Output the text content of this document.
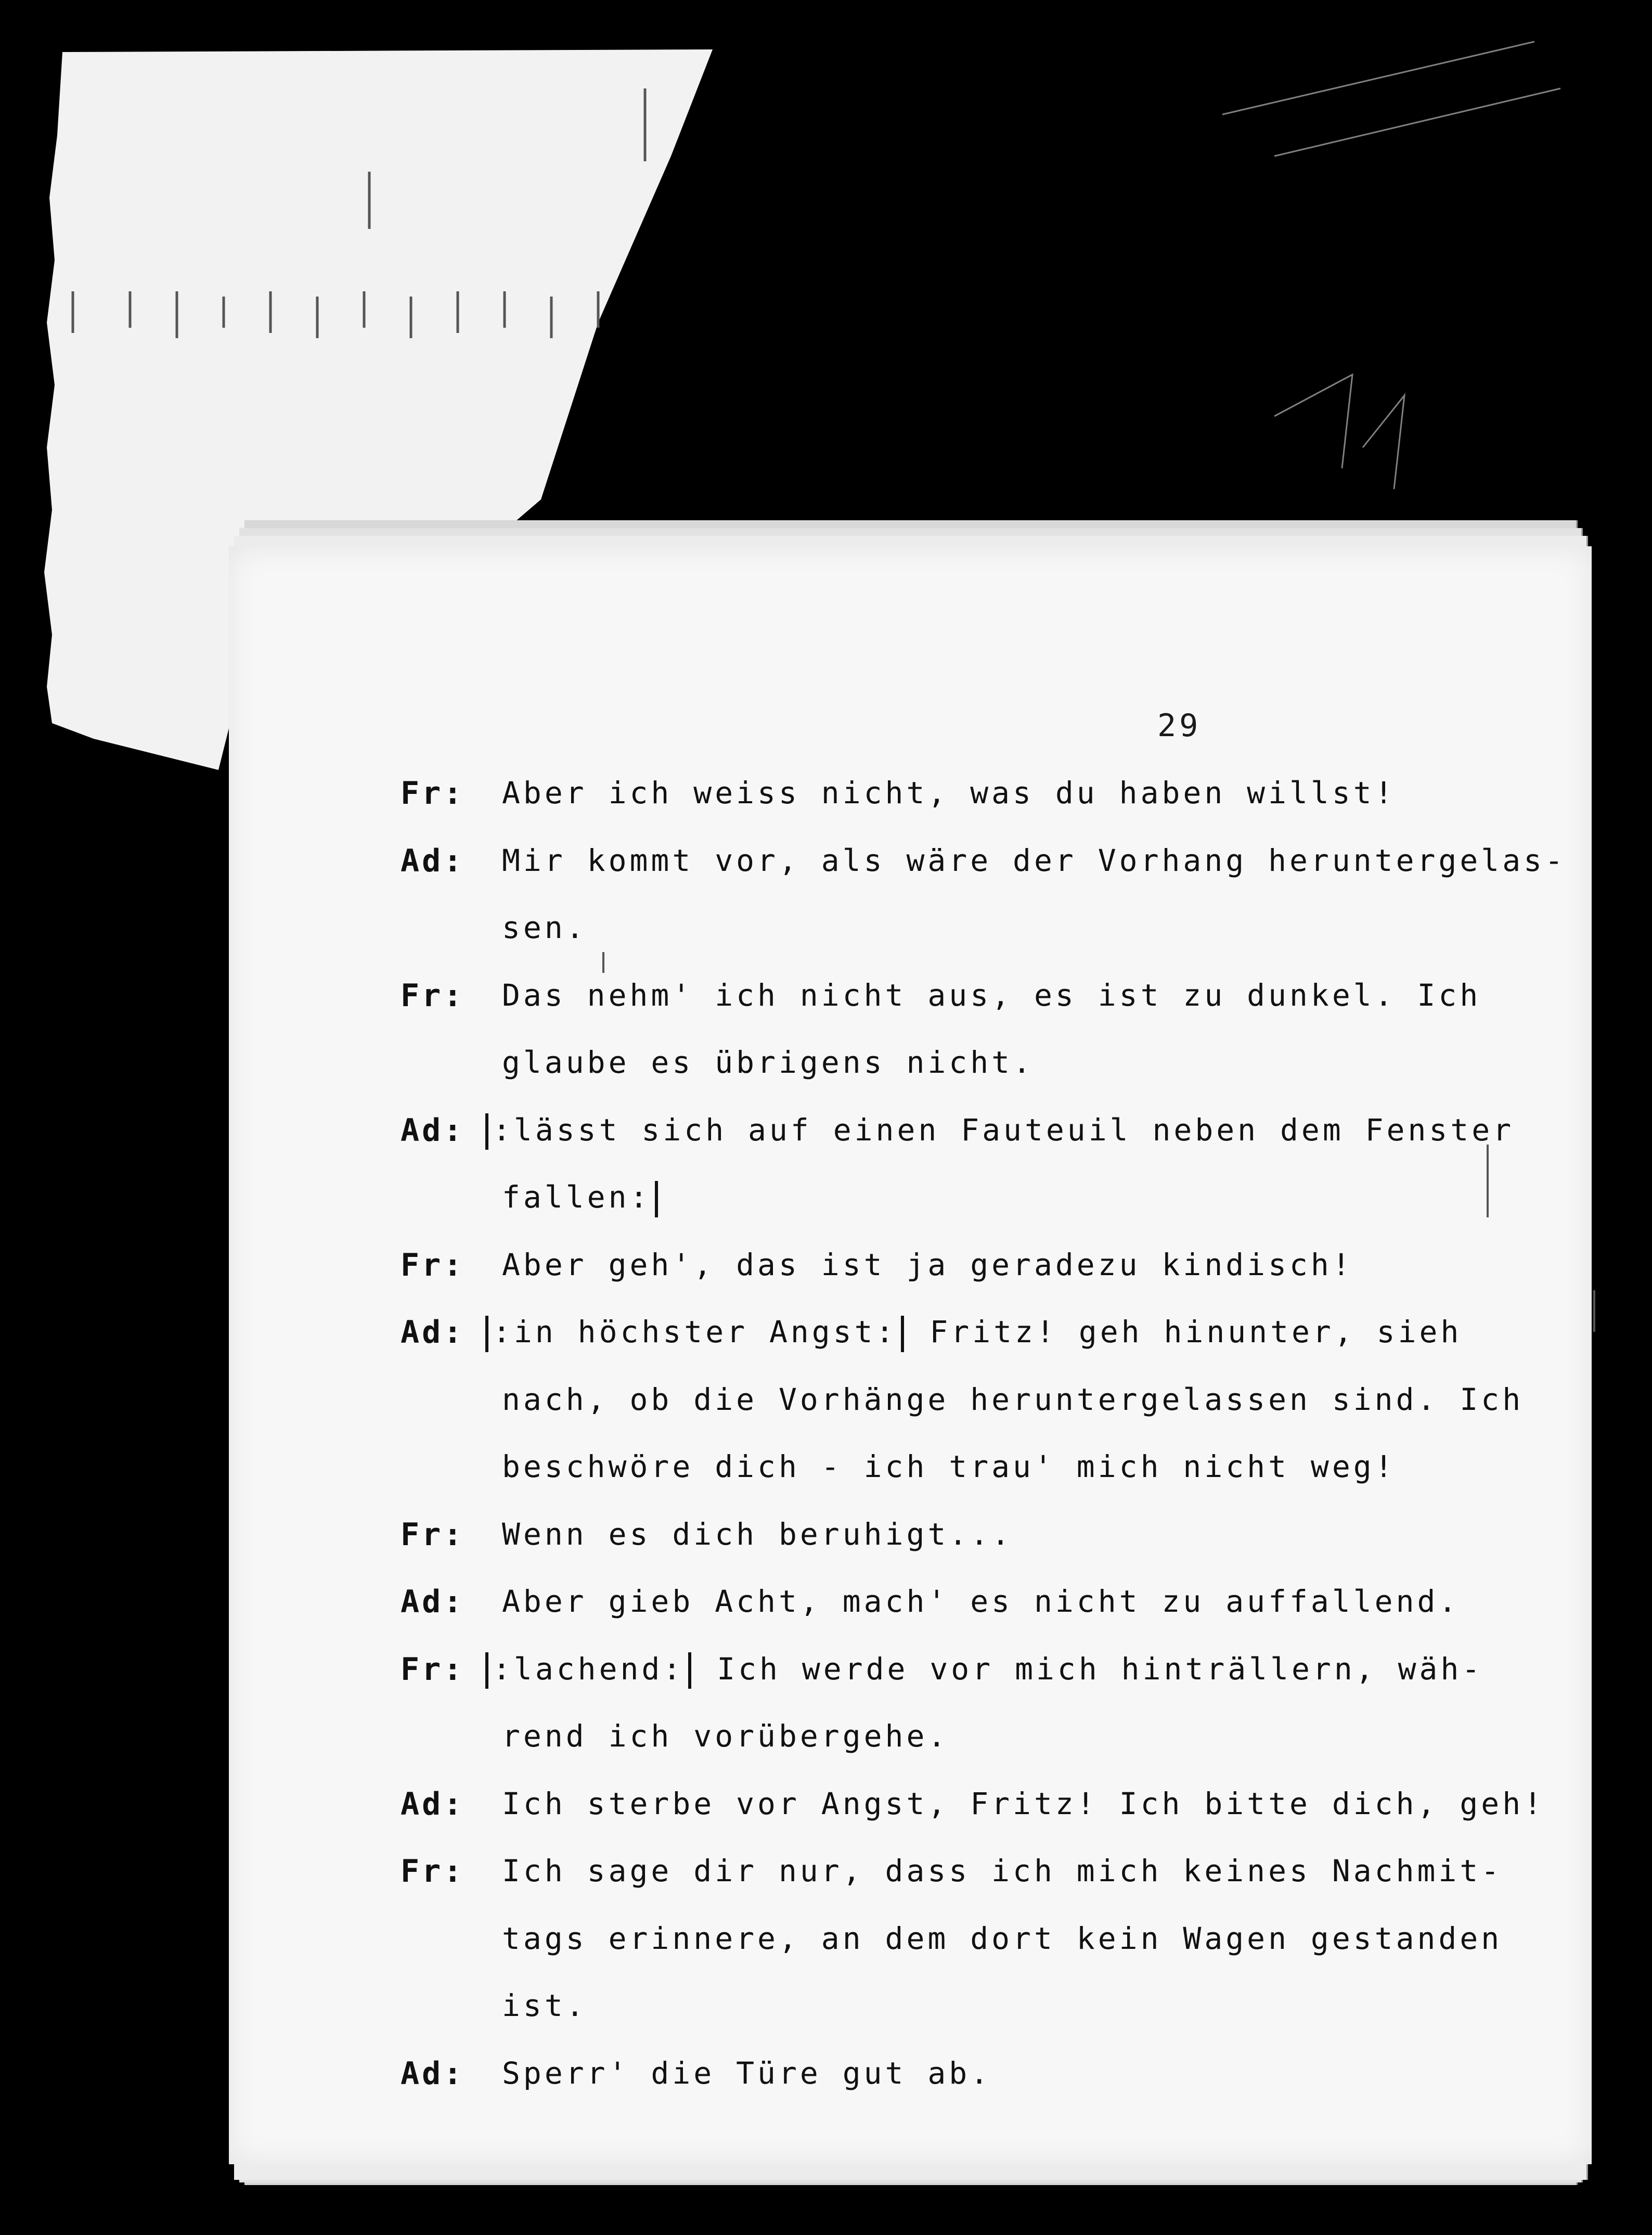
29
Fr: Aber ich weiss nicht, was du haben willst!
Ad: Mir kommt vor, als wäre der Vorhang heruntergelas-
sen.
Fr: Das nehm' ich nicht aus, es ist zu dunkel. Ich
glaube es übrigens nicht.
Ad: :lässt sich auf einen Fauteuil neben dem Fenster
fallen:
Fr: Aber geh', das ist ja geradezu kindisch!
Ad: :in höchster Angst: Fritz! geh hinunter, sieh
nach, ob die Vorhänge heruntergelassen sind. Ich
beschwöre dich - ich trau' mich nicht weg!
Fr: Wenn es dich beruhigt...
Ad: Aber gieb Acht, mach' es nicht zu auffallend.
Fr: :lachend: Ich werde vor mich hinträllern, wäh-
rend ich vorübergehe.
Ad: Ich sterbe vor Angst, Fritz! Ich bitte dich, geh!
Fr: Ich sage dir nur, dass ich mich keines Nachmit-
tags erinnere, an dem dort kein Wagen gestanden
ist.
Ad: Sperr' die Türe gut ab.
